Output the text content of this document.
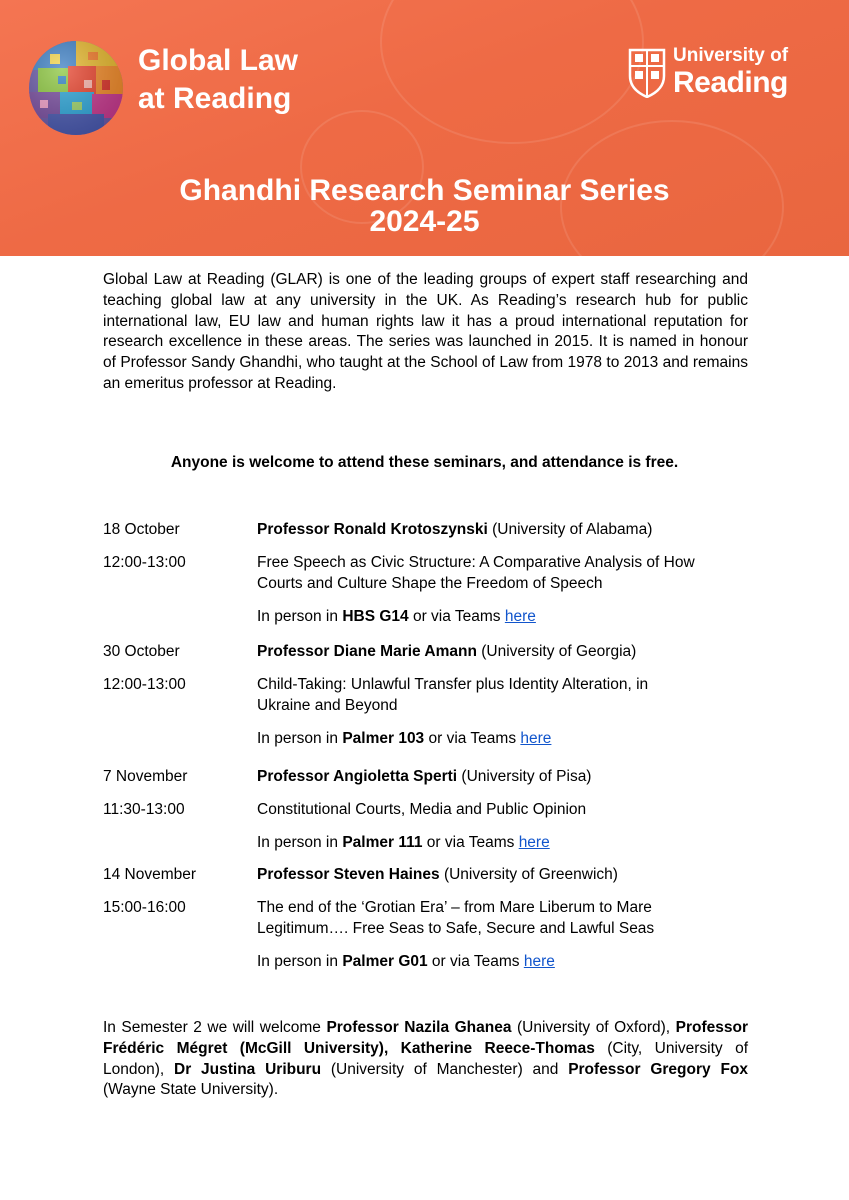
Global Law
at Reading
University of
Reading
Ghandhi Research Seminar Series
2024-25
Global Law at Reading (GLAR) is one of the leading groups of expert staff researching and teaching global law at any university in the UK. As Reading’s research hub for public international law, EU law and human rights law it has a proud international reputation for research excellence in these areas. The series was launched in 2015. It is named in honour of Professor Sandy Ghandhi, who taught at the School of Law from 1978 to 2013 and remains an emeritus professor at Reading.
Anyone is welcome to attend these seminars, and attendance is free.
18 October	Professor Ronald Krotoszynski (University of Alabama)
12:00-13:00	Free Speech as Civic Structure: A Comparative Analysis of How
Courts and Culture Shape the Freedom of Speech
In person in HBS G14 or via Teams here
30 October	Professor Diane Marie Amann (University of Georgia)
12:00-13:00	Child-Taking: Unlawful Transfer plus Identity Alteration, in
Ukraine and Beyond
In person in Palmer 103 or via Teams here
7 November	Professor Angioletta Sperti (University of Pisa)
11:30-13:00	Constitutional Courts, Media and Public Opinion
In person in Palmer 111 or via Teams here
14 November	Professor Steven Haines (University of Greenwich)
15:00-16:00	The end of the ‘Grotian Era’ – from Mare Liberum to Mare
Legitimum…. Free Seas to Safe, Secure and Lawful Seas
In person in Palmer G01 or via Teams here
In Semester 2 we will welcome Professor Nazila Ghanea (University of Oxford), Professor Frédéric Mégret (McGill University), Katherine Reece-Thomas (City, University of London), Dr Justina Uriburu (University of Manchester) and Professor Gregory Fox (Wayne State University).
